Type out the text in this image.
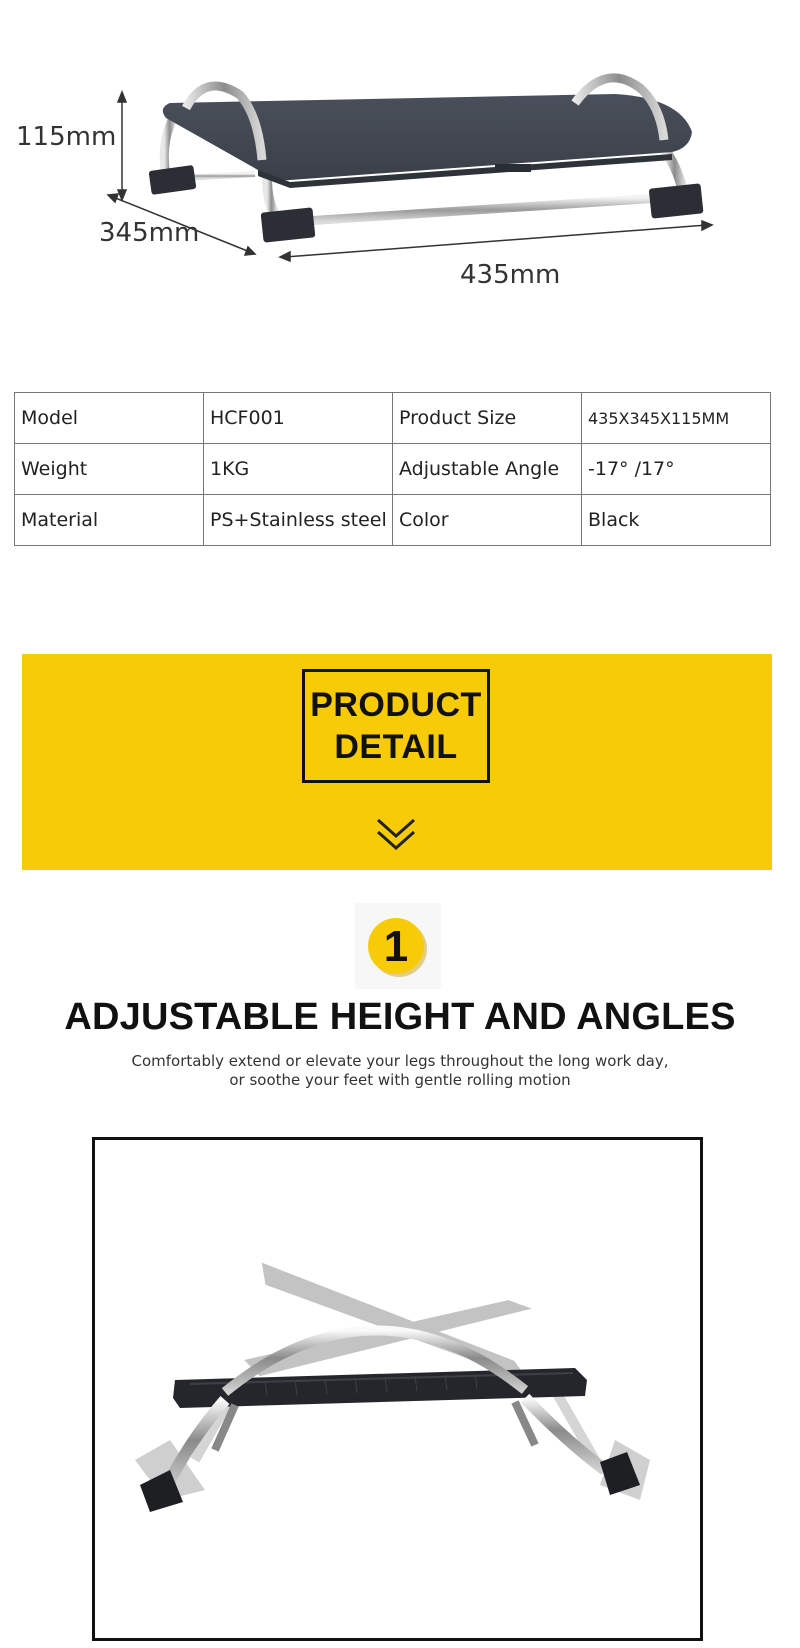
115mm
345mm
435mm
Model	HCF001	Product Size	435X345X115MM
Weight	1KG	Adjustable Angle	-17° /17°
Material	PS+Stainless steel	Color	Black
PRODUCT
DETAIL
1
ADJUSTABLE HEIGHT AND ANGLES
Comfortably extend or elevate your legs throughout the long work day,
or soothe your feet with gentle rolling motion
